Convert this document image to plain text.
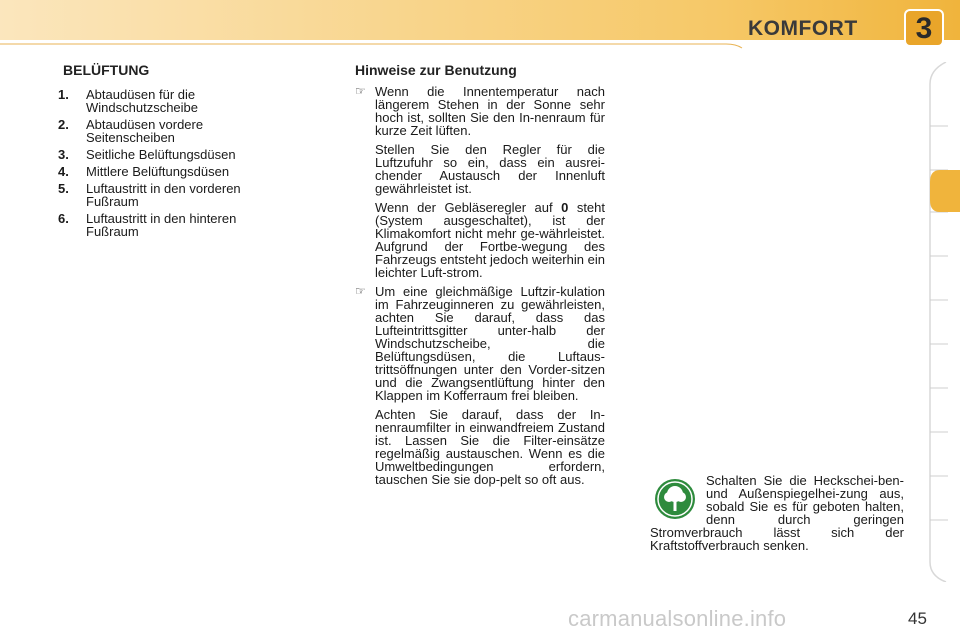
KOMFORT	3
BELÜFTUNG
1.	Abtaudüsen für die Windschutzscheibe
2.	Abtaudüsen vordere Seitenscheiben
3.	Seitliche Belüftungsdüsen
4.	Mittlere Belüftungsdüsen
5.	Luftaustritt in den vorderen Fußraum
6.	Luftaustritt in den hinteren Fußraum
Hinweise zur Benutzung
☞ Wenn die Innentemperatur nach längerem Stehen in der Sonne sehr hoch ist, sollten Sie den In-nenraum für kurze Zeit lüften.

Stellen Sie den Regler für die Luftzufuhr so ein, dass ein ausrei-chender Austausch der Innenluft gewährleistet ist.

Wenn der Gebläseregler auf 0 steht (System ausgeschaltet), ist der Klimakomfort nicht mehr ge-währleistet. Aufgrund der Fortbe-wegung des Fahrzeugs entsteht jedoch weiterhin ein leichter Luft-strom.

☞ Um eine gleichmäßige Luftzir-kulation im Fahrzeuginneren zu gewährleisten, achten Sie darauf, dass das Lufteintrittsgitter unter-halb der Windschutzscheibe, die Belüftungsdüsen, die Luftaus-trittsöffnungen unter den Vorder-sitzen und die Zwangsentlüftung hinter den Klappen im Kofferraum frei bleiben.

Achten Sie darauf, dass der In-nenraumfilter in einwandfreiem Zustand ist. Lassen Sie die Filter-einsätze regelmäßig austauschen. Wenn es die Umweltbedingungen erfordern, tauschen Sie sie dop-pelt so oft aus.	Schalten Sie die Heckschei-ben- und Außenspiegelhei-zung aus, sobald Sie es für geboten halten, denn durch geringen Stromverbrauch lässt sich der Kraftstoffverbrauch senken.
carmanualsonline.info	45
